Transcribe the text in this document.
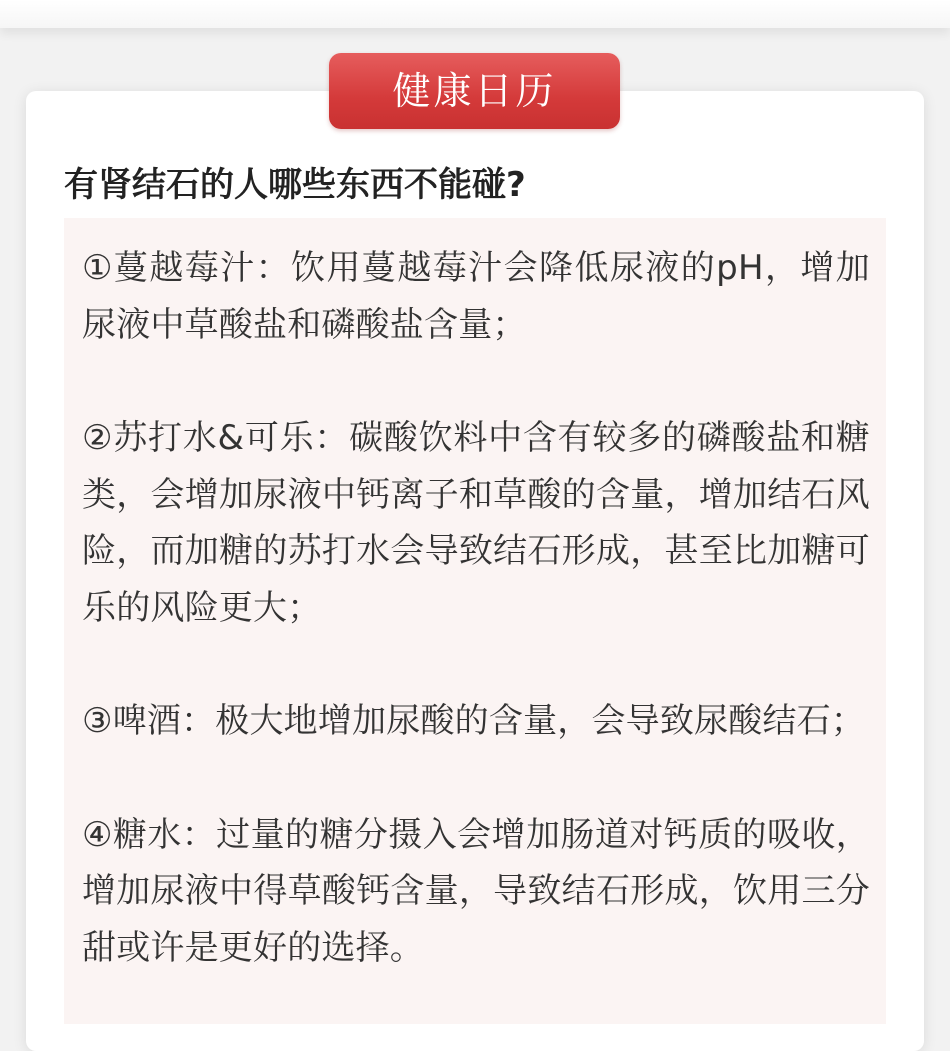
健康日历
有肾结石的人哪些东西不能碰?

①蔓越莓汁：饮用蔓越莓汁会降低尿液的pH，增加尿液中草酸盐和磷酸盐含量；

②苏打水&可乐：碳酸饮料中含有较多的磷酸盐和糖类，会增加尿液中钙离子和草酸的含量，增加结石风险，而加糖的苏打水会导致结石形成，甚至比加糖可乐的风险更大；

③啤酒：极大地增加尿酸的含量，会导致尿酸结石；

④糖水：过量的糖分摄入会增加肠道对钙质的吸收，增加尿液中得草酸钙含量，导致结石形成，饮用三分甜或许是更好的选择。
